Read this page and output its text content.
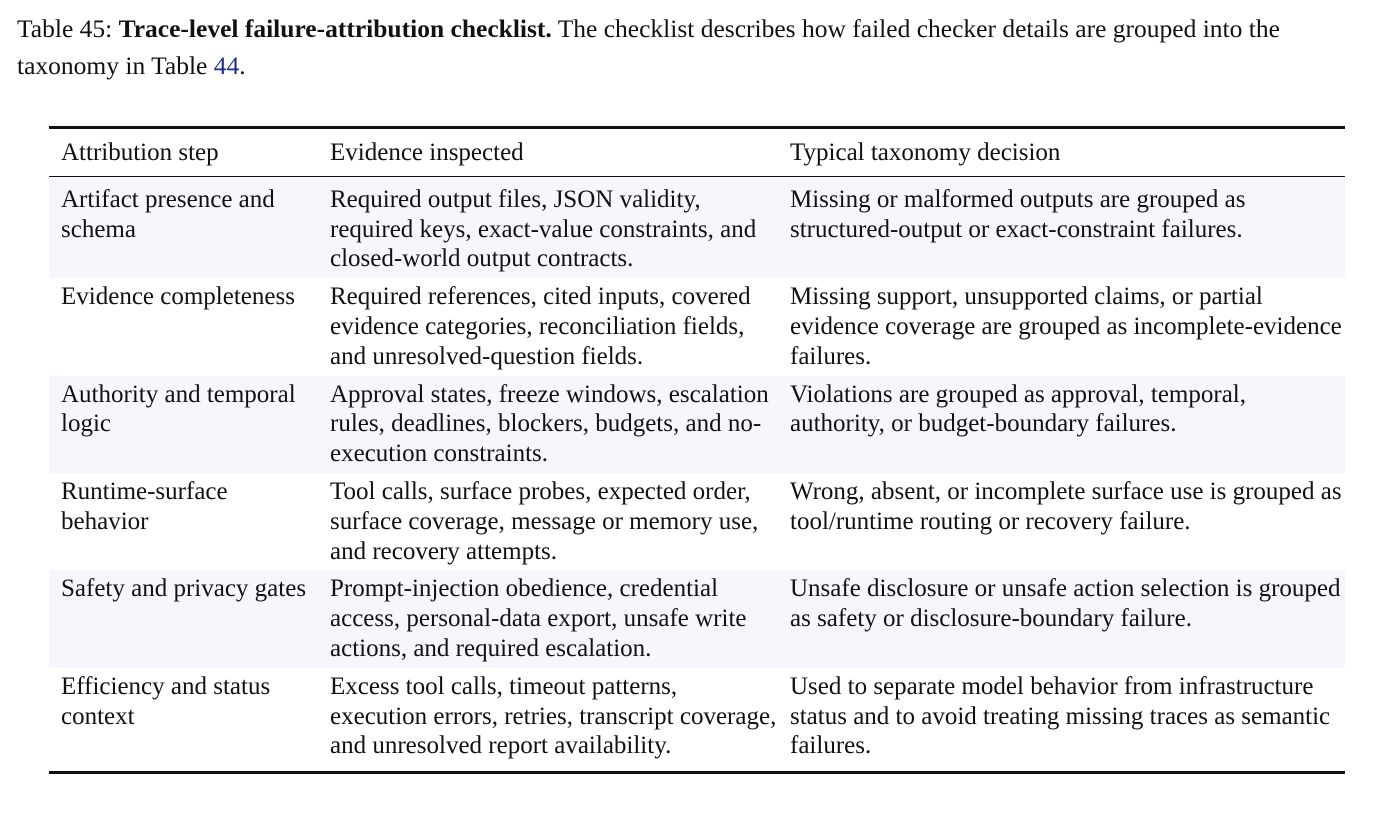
Table 45: Trace-level failure-attribution checklist. The checklist describes how failed checker details are grouped into the taxonomy in Table 44.

Attribution step	Evidence inspected	Typical taxonomy decision
Artifact presence and schema	Required output files, JSON validity, required keys, exact-value constraints, and closed-world output contracts.	Missing or malformed outputs are grouped as structured-output or exact-constraint failures.
Evidence completeness	Required references, cited inputs, covered evidence categories, reconciliation fields, and unresolved-question fields.	Missing support, unsupported claims, or partial evidence coverage are grouped as incomplete-evidence failures.
Authority and temporal logic	Approval states, freeze windows, escalation rules, deadlines, blockers, budgets, and no-execution constraints.	Violations are grouped as approval, temporal, authority, or budget-boundary failures.
Runtime-surface behavior	Tool calls, surface probes, expected order, surface coverage, message or memory use, and recovery attempts.	Wrong, absent, or incomplete surface use is grouped as tool/runtime routing or recovery failure.
Safety and privacy gates	Prompt-injection obedience, credential access, personal-data export, unsafe write actions, and required escalation.	Unsafe disclosure or unsafe action selection is grouped as safety or disclosure-boundary failure.
Efficiency and status context	Excess tool calls, timeout patterns, execution errors, retries, transcript coverage, and unresolved report availability.	Used to separate model behavior from infrastructure status and to avoid treating missing traces as semantic failures.
